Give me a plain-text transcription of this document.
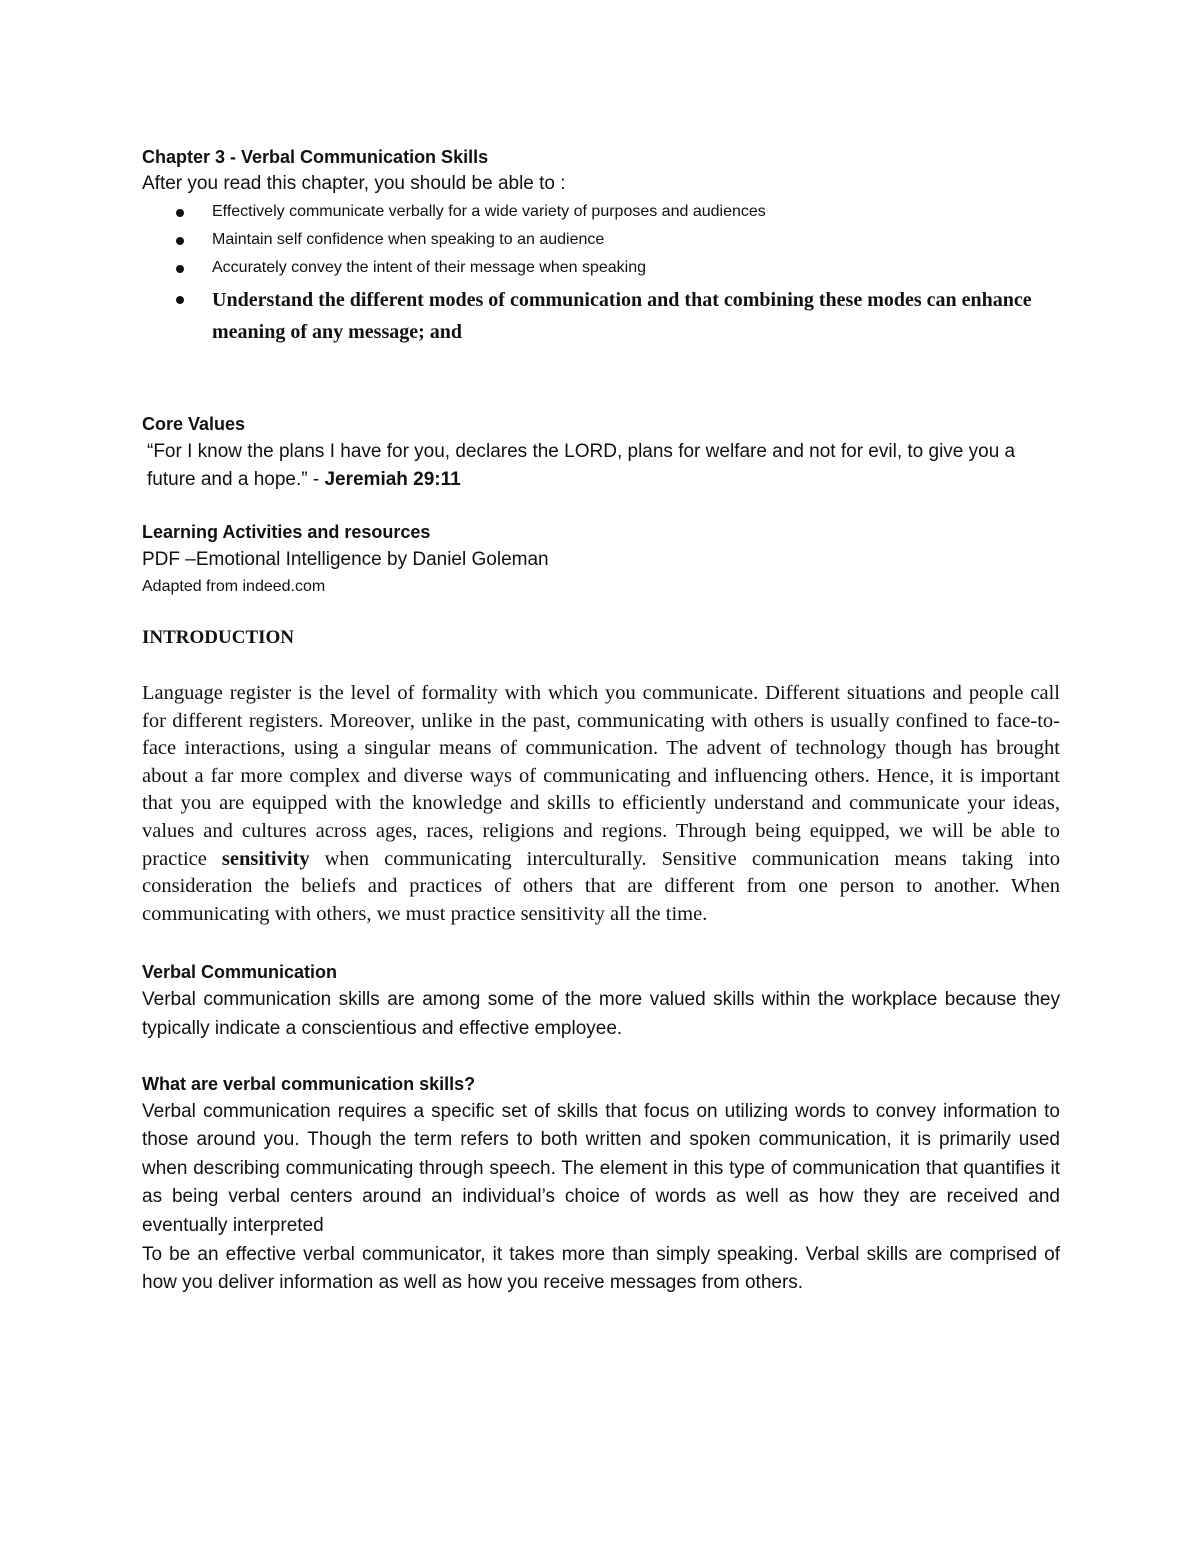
Chapter 3 - Verbal Communication Skills

After you read this chapter, you should be able to :

Effectively communicate verbally for a wide variety of purposes and audiences
Maintain self confidence when speaking to an audience
Accurately convey the intent of their message when speaking
Understand the different modes of communication and that combining these modes can enhance meaning of any message; and

Core Values

“For I know the plans I have for you, declares the LORD, plans for welfare and not for evil, to give you a future and a hope.” - Jeremiah 29:11

Learning Activities and resources

PDF –Emotional Intelligence by Daniel Goleman

Adapted from indeed.com

INTRODUCTION

Language register is the level of formality with which you communicate. Different situations and people call for different registers. Moreover, unlike in the past, communicating with others is usually confined to face-to-face interactions, using a singular means of communication. The advent of technology though has brought about a far more complex and diverse ways of communicating and influencing others. Hence, it is important that you are equipped with the knowledge and skills to efficiently understand and communicate your ideas, values and cultures across ages, races, religions and regions. Through being equipped, we will be able to practice sensitivity when communicating interculturally. Sensitive communication means taking into consideration the beliefs and practices of others that are different from one person to another. When communicating with others, we must practice sensitivity all the time.

Verbal Communication

Verbal communication skills are among some of the more valued skills within the workplace because they typically indicate a conscientious and effective employee.

What are verbal communication skills?

Verbal communication requires a specific set of skills that focus on utilizing words to convey information to those around you. Though the term refers to both written and spoken communication, it is primarily used when describing communicating through speech. The element in this type of communication that quantifies it as being verbal centers around an individual’s choice of words as well as how they are received and eventually interpreted

To be an effective verbal communicator, it takes more than simply speaking. Verbal skills are comprised of how you deliver information as well as how you receive messages from others.
